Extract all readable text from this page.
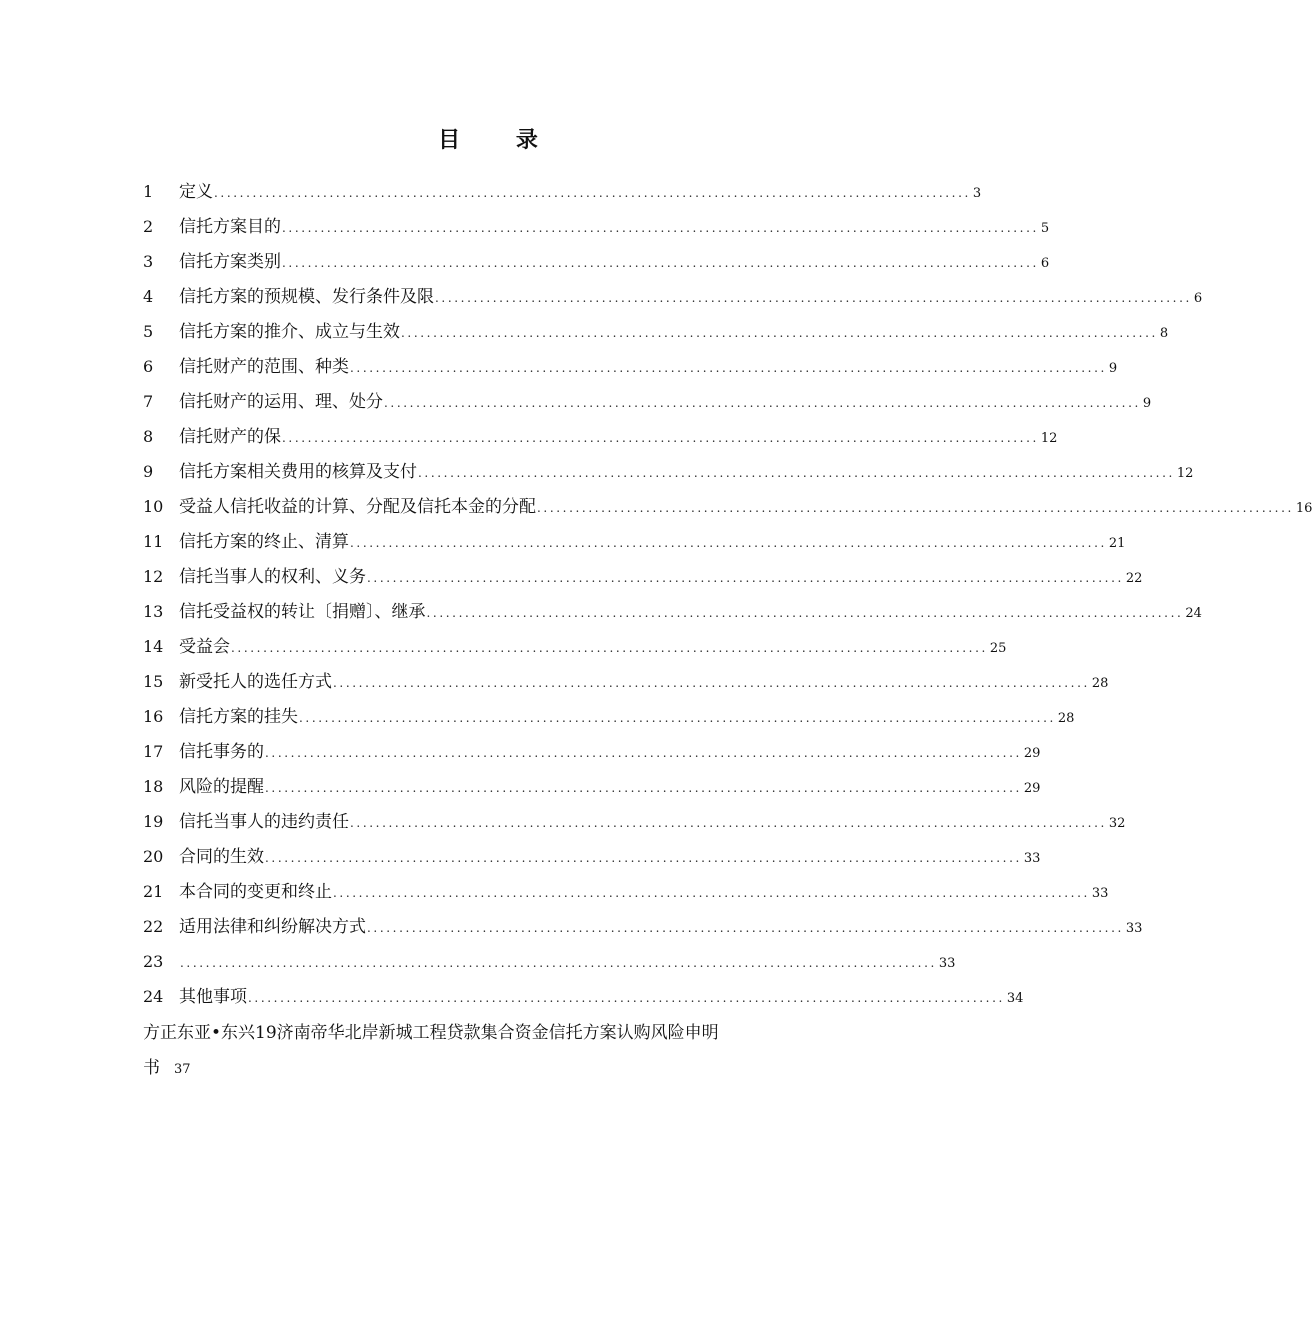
目 录
1	定义 ...................................................................................................................... 3
2	信托方案目的 ...................................................................................................................... 5
3	信托方案类别 ...................................................................................................................... 6
4	信托方案的预规模、发行条件及限 ...................................................................................................................... 6
5	信托方案的推介、成立与生效 ...................................................................................................................... 8
6	信托财产的范围、种类 ...................................................................................................................... 9
7	信托财产的运用、理、处分 ...................................................................................................................... 9
8	信托财产的保 ...................................................................................................................... 12
9	信托方案相关费用的核算及支付 ...................................................................................................................... 12
10 受益人信托收益的计算、分配及信托本金的分配 ...................................................................................................................... 16
11 信托方案的终止、清算 ...................................................................................................................... 21
12 信托当事人的权利、义务 ...................................................................................................................... 22
13 信托受益权的转让〔捐赠〕、继承 ...................................................................................................................... 24
14 受益会 ...................................................................................................................... 25
15 新受托人的选任方式 ...................................................................................................................... 28
16 信托方案的挂失 ...................................................................................................................... 28
17 信托事务的 ...................................................................................................................... 29
18 风险的提醒 ...................................................................................................................... 29
19 信托当事人的违约责任 ...................................................................................................................... 32
20 合同的生效 ...................................................................................................................... 33
21 本合同的变更和终止 ...................................................................................................................... 33
22 适用法律和纠纷解决方式 ...................................................................................................................... 33
23	...................................................................................................................... 33
24 其他事项 ...................................................................................................................... 34
方正东亚•东兴19济南帝华北岸新城工程贷款集合资金信托方案认购风险申明
书 37
